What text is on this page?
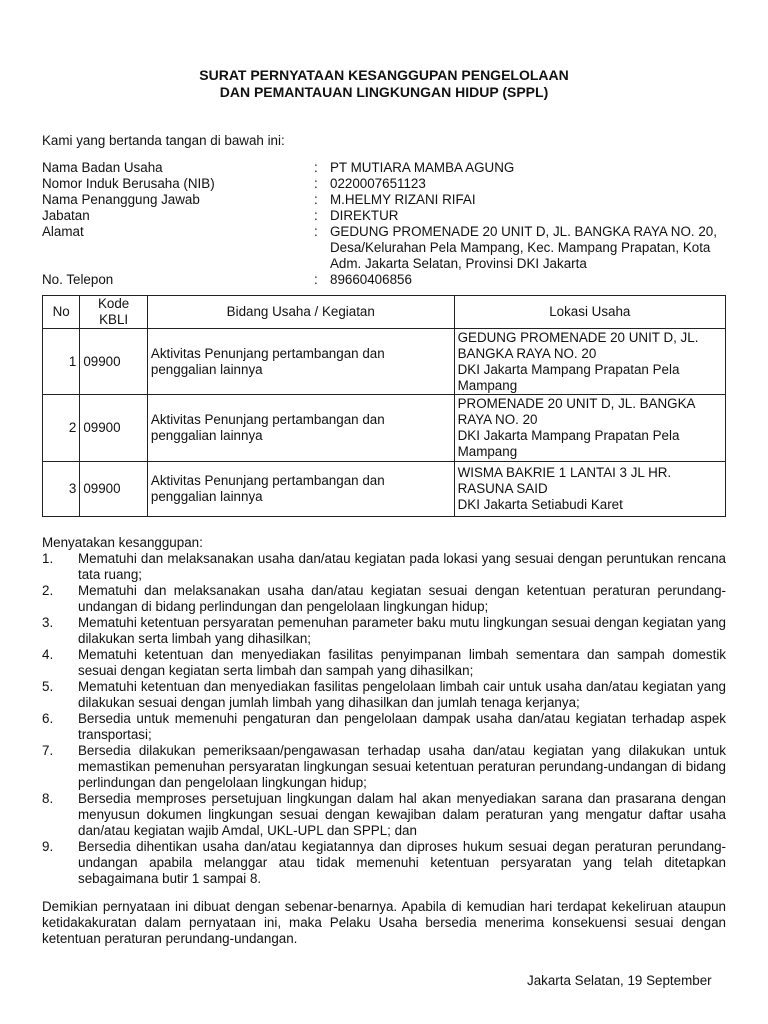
SURAT PERNYATAAN KESANGGUPAN PENGELOLAAN
DAN PEMANTAUAN LINGKUNGAN HIDUP (SPPL)
Kami yang bertanda tangan di bawah ini:
Nama Badan Usaha	: PT MUTIARA MAMBA AGUNG
Nomor Induk Berusaha (NIB)	: 0220007651123
Nama Penanggung Jawab	: M.HELMY RIZANI RIFAI
Jabatan	: DIREKTUR
Alamat	: GEDUNG PROMENADE 20 UNIT D, JL. BANGKA RAYA NO. 20, Desa/Kelurahan Pela Mampang, Kec. Mampang Prapatan, Kota Adm. Jakarta Selatan, Provinsi DKI Jakarta
No. Telepon	: 89660406856
No	Kode KBLI	Bidang Usaha / Kegiatan	Lokasi Usaha
1	09900	Aktivitas Penunjang pertambangan dan penggalian lainnya	GEDUNG PROMENADE 20 UNIT D, JL. BANGKA RAYA NO. 20
DKI Jakarta Mampang Prapatan Pela Mampang

2	09900	Aktivitas Penunjang pertambangan dan penggalian lainnya	PROMENADE 20 UNIT D, JL. BANGKA RAYA NO. 20
DKI Jakarta Mampang Prapatan Pela Mampang

3	09900	Aktivitas Penunjang pertambangan dan penggalian lainnya	WISMA BAKRIE 1 LANTAI 3 JL HR. RASUNA SAID
DKI Jakarta Setiabudi Karet
Menyatakan kesanggupan:
1.	Mematuhi dan melaksanakan usaha dan/atau kegiatan pada lokasi yang sesuai dengan peruntukan rencana tata ruang;
2.	Mematuhi dan melaksanakan usaha dan/atau kegiatan sesuai dengan ketentuan peraturan perundang-undangan di bidang perlindungan dan pengelolaan lingkungan hidup;
3.	Mematuhi ketentuan persyaratan pemenuhan parameter baku mutu lingkungan sesuai dengan kegiatan yang dilakukan serta limbah yang dihasilkan;
4.	Mematuhi ketentuan dan menyediakan fasilitas penyimpanan limbah sementara dan sampah domestik sesuai dengan kegiatan serta limbah dan sampah yang dihasilkan;
5.	Mematuhi ketentuan dan menyediakan fasilitas pengelolaan limbah cair untuk usaha dan/atau kegiatan yang dilakukan sesuai dengan jumlah limbah yang dihasilkan dan jumlah tenaga kerjanya;
6.	Bersedia untuk memenuhi pengaturan dan pengelolaan dampak usaha dan/atau kegiatan terhadap aspek transportasi;
7.	Bersedia dilakukan pemeriksaan/pengawasan terhadap usaha dan/atau kegiatan yang dilakukan untuk memastikan pemenuhan persyaratan lingkungan sesuai ketentuan peraturan perundang-undangan di bidang perlindungan dan pengelolaan lingkungan hidup;
8.	Bersedia memproses persetujuan lingkungan dalam hal akan menyediakan sarana dan prasarana dengan menyusun dokumen lingkungan sesuai dengan kewajiban dalam peraturan yang mengatur daftar usaha dan/atau kegiatan wajib Amdal, UKL-UPL dan SPPL; dan
9.	Bersedia dihentikan usaha dan/atau kegiatannya dan diproses hukum sesuai degan peraturan perundang-undangan apabila melanggar atau tidak memenuhi ketentuan persyaratan yang telah ditetapkan sebagaimana butir 1 sampai 8.
Demikian pernyataan ini dibuat dengan sebenar-benarnya. Apabila di kemudian hari terdapat kekeliruan ataupun ketidakakuratan dalam pernyataan ini, maka Pelaku Usaha bersedia menerima konsekuensi sesuai dengan ketentuan peraturan perundang-undangan.
Jakarta Selatan, 19 September
